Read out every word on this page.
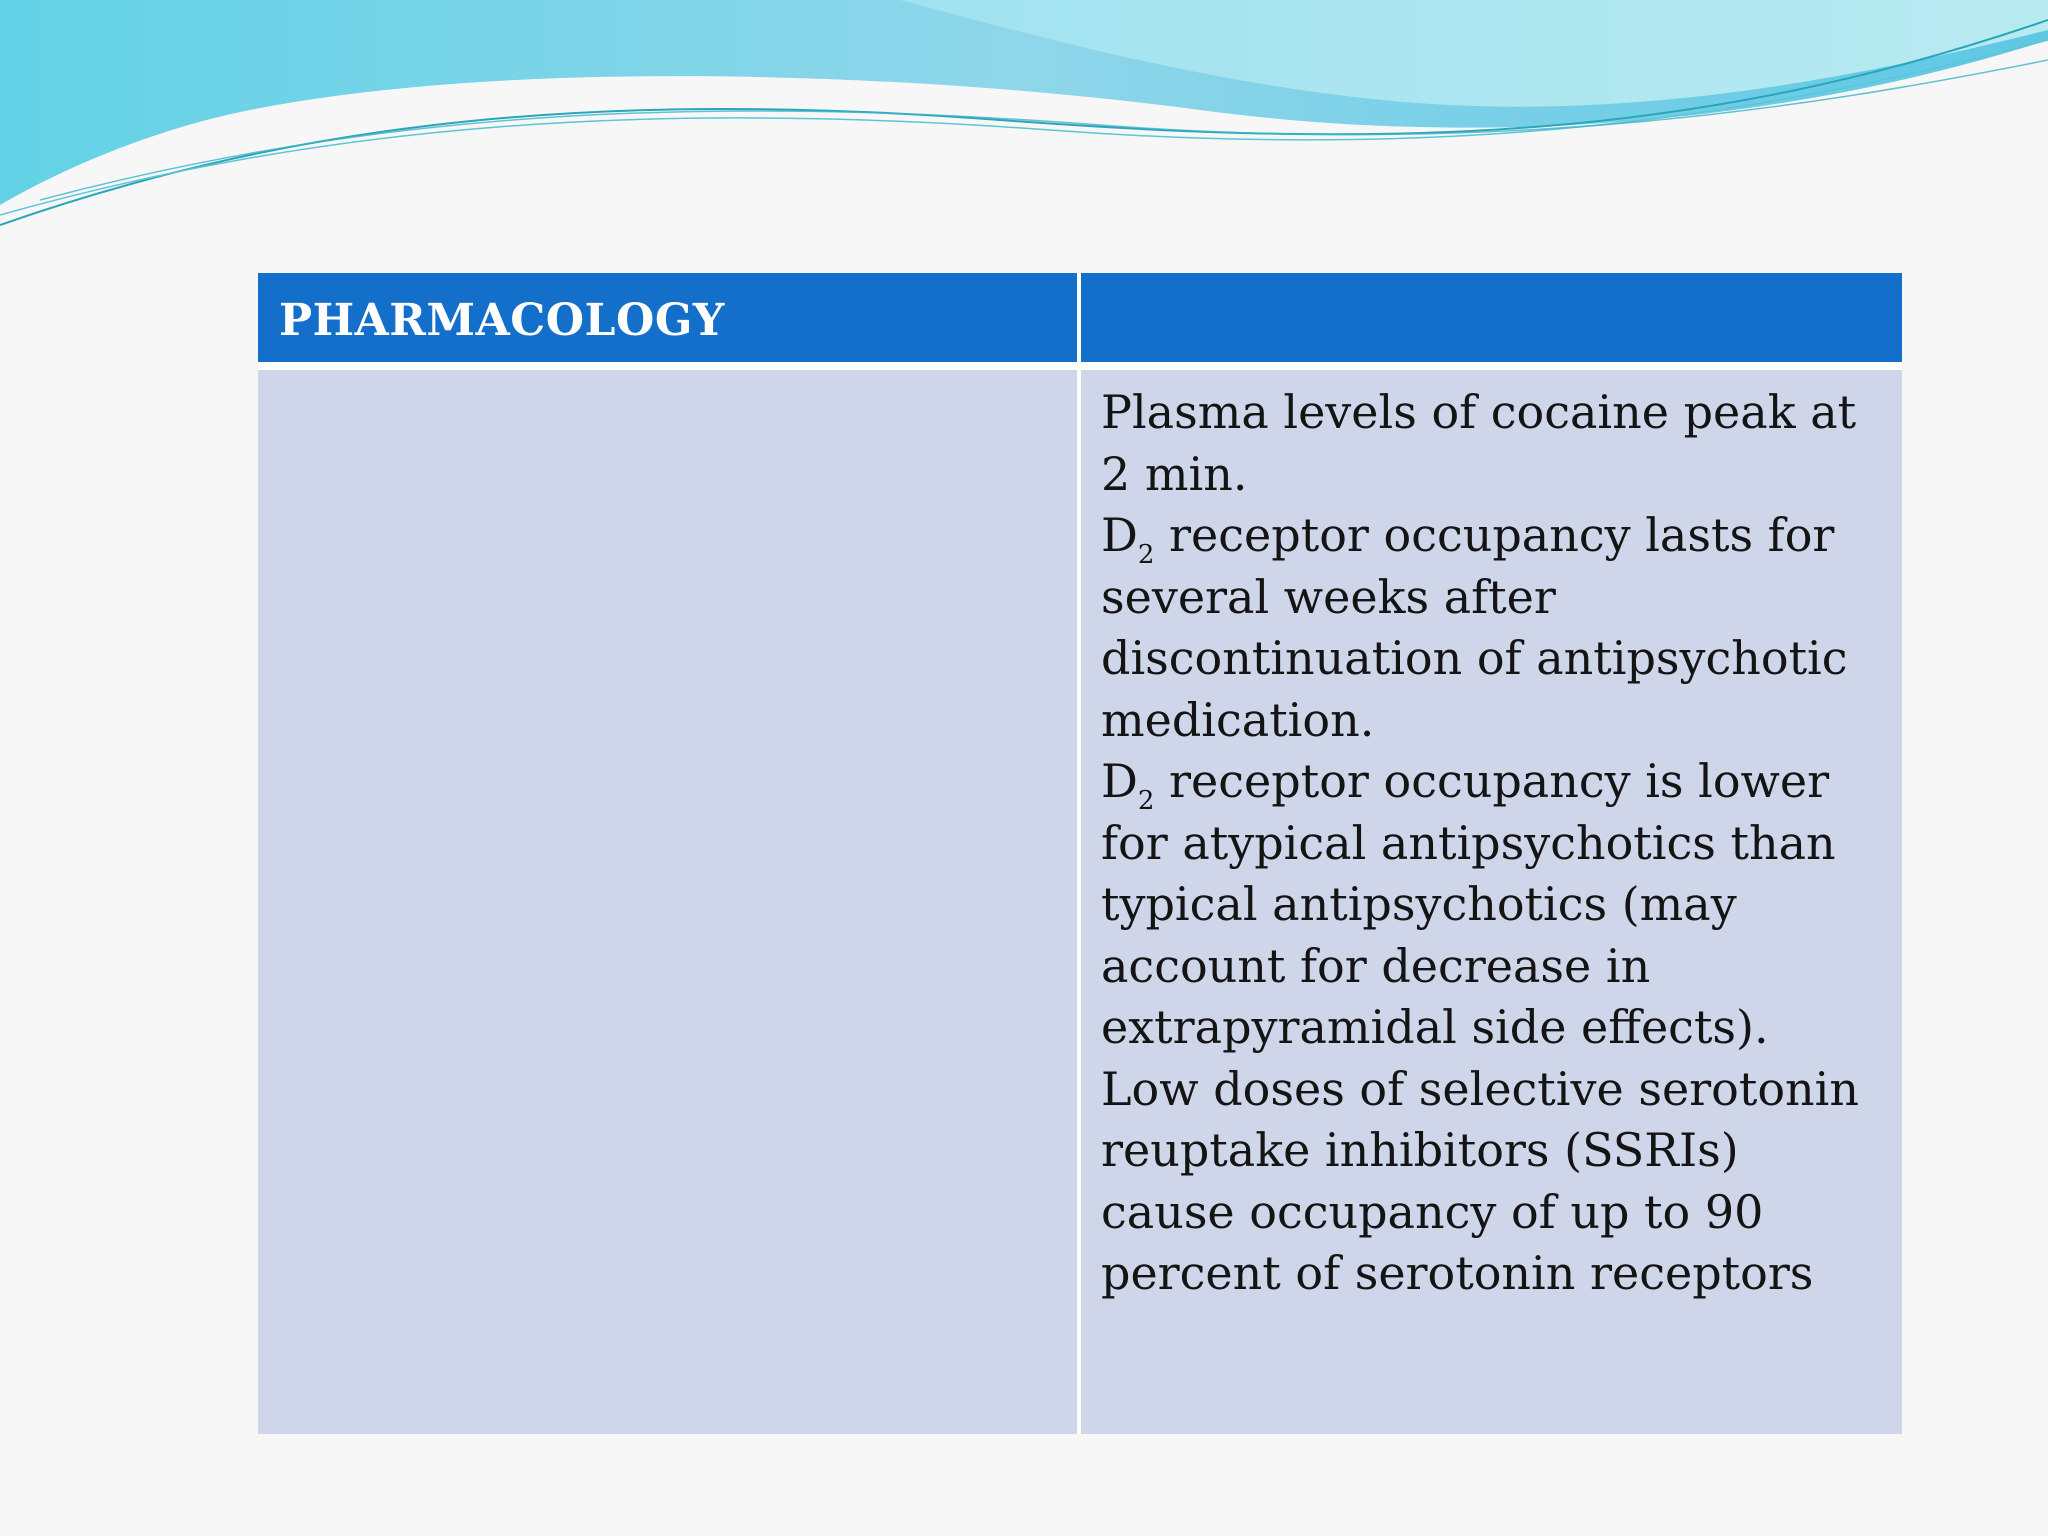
PHARMACOLOGY	

	Plasma levels of cocaine peak at 2 min.

$D_2$ receptor occupancy lasts for several weeks after discontinuation of antipsychotic medication.

$D_2$ receptor occupancy is lower for atypical antipsychotics than typical antipsychotics (may account for decrease in extrapyramidal side effects).

Low doses of selective serotonin reuptake inhibitors (SSRIs) cause occupancy of up to 90 percent of serotonin receptors
